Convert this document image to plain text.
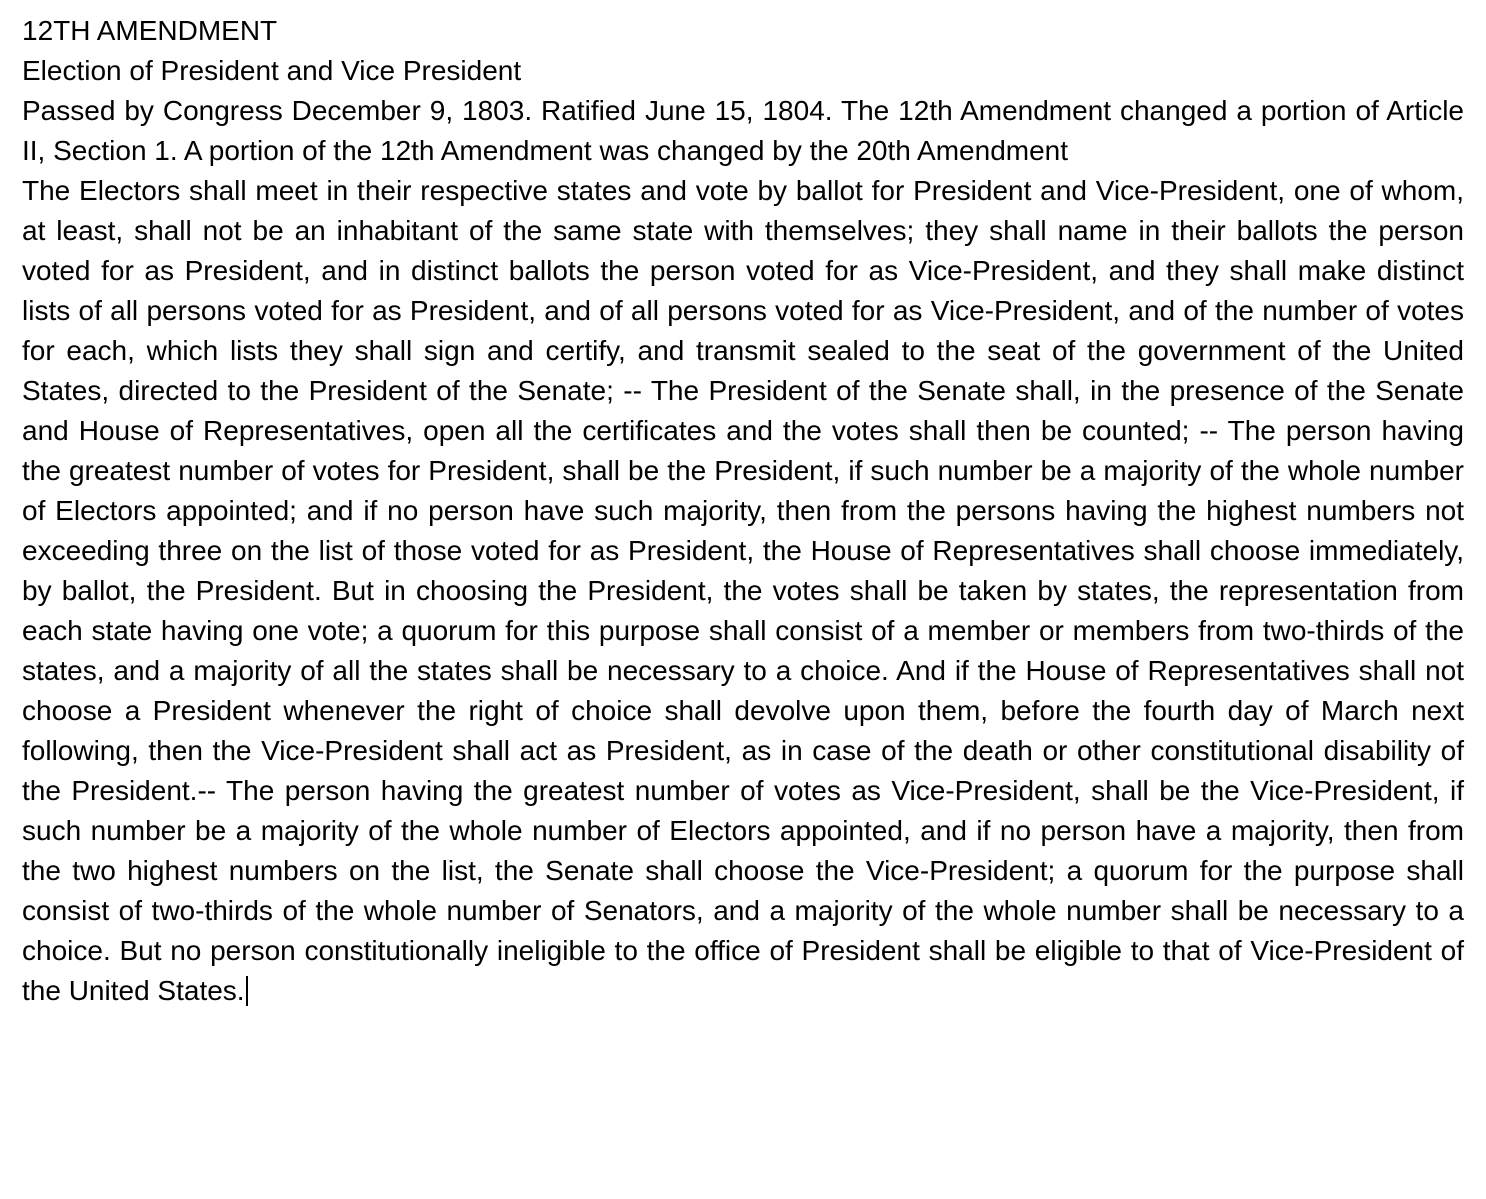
12TH AMENDMENT
Election of President and Vice President
Passed by Congress December 9, 1803. Ratified June 15, 1804. The 12th Amendment changed a portion of Article II, Section 1. A portion of the 12th Amendment was changed by the 20th Amendment
The Electors shall meet in their respective states and vote by ballot for President and Vice-President, one of whom, at least, shall not be an inhabitant of the same state with themselves; they shall name in their ballots the person voted for as President, and in distinct ballots the person voted for as Vice-President, and they shall make distinct lists of all persons voted for as President, and of all persons voted for as Vice-President, and of the number of votes for each, which lists they shall sign and certify, and transmit sealed to the seat of the government of the United States, directed to the President of the Senate; -- The President of the Senate shall, in the presence of the Senate and House of Representatives, open all the certificates and the votes shall then be counted; -- The person having the greatest number of votes for President, shall be the President, if such number be a majority of the whole number of Electors appointed; and if no person have such majority, then from the persons having the highest numbers not exceeding three on the list of those voted for as President, the House of Representatives shall choose immediately, by ballot, the President. But in choosing the President, the votes shall be taken by states, the representation from each state having one vote; a quorum for this purpose shall consist of a member or members from two-thirds of the states, and a majority of all the states shall be necessary to a choice. And if the House of Representatives shall not choose a President whenever the right of choice shall devolve upon them, before the fourth day of March next following, then the Vice-President shall act as President, as in case of the death or other constitutional disability of the President.-- The person having the greatest number of votes as Vice-President, shall be the Vice-President, if such number be a majority of the whole number of Electors appointed, and if no person have a majority, then from the two highest numbers on the list, the Senate shall choose the Vice-President; a quorum for the purpose shall consist of two-thirds of the whole number of Senators, and a majority of the whole number shall be necessary to a choice. But no person constitutionally ineligible to the office of President shall be eligible to that of Vice-President of the United States.
